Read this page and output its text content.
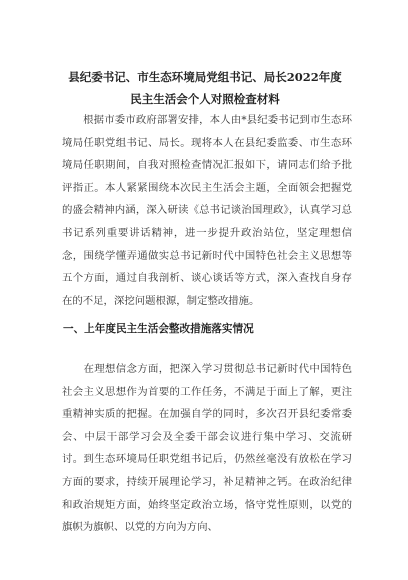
县纪委书记、市生态环境局党组书记、局长2022年度
民主生活会个人对照检查材料

　　根据市委市政府部署安排，本人由*县纪委书记到市生态环境局任职党组书记、局长。现将本人在县纪委监委、市生态环境局任职期间，自我对照检查情况汇报如下，请同志们给予批评指正。本人紧紧围绕本次民主生活会主题，全面领会把握党的盛会精神内涵，深入研读《总书记谈治国理政》，认真学习总书记系列重要讲话精神，进一步提升政治站位，坚定理想信念，围绕学懂弄通做实总书记新时代中国特色社会主义思想等五个方面，通过自我剖析、谈心谈话等方式，深入查找自身存在的不足，深挖问题根源，制定整改措施。

一、上年度民主生活会整改措施落实情况

　　在理想信念方面，把深入学习贯彻总书记新时代中国特色社会主义思想作为首要的工作任务，不满足于面上了解，更注重精神实质的把握。在加强自学的同时，多次召开县纪委常委会、中层干部学习会及全委干部会议进行集中学习、交流研讨。到生态环境局任职党组书记后，仍然丝毫没有放松在学习方面的要求，持续开展理论学习，补足精神之钙。在政治纪律和政治规矩方面，始终坚定政治立场，恪守党性原则，以党的旗帜为旗帜、以党的方向为方向、
